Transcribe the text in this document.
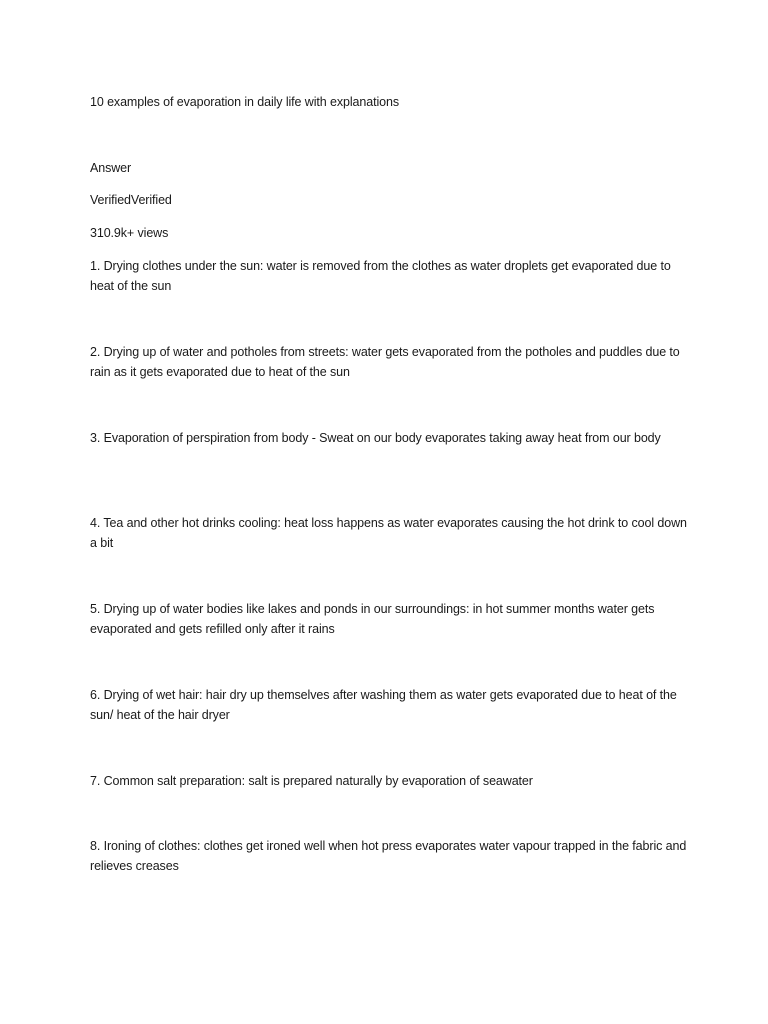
10 examples of evaporation in daily life with explanations
Answer
VerifiedVerified
310.9k+ views
1. Drying clothes under the sun: water is removed from the clothes as water droplets get evaporated due to heat of the sun
2. Drying up of water and potholes from streets: water gets evaporated from the potholes and puddles due to rain as it gets evaporated due to heat of the sun
3. Evaporation of perspiration from body - Sweat on our body evaporates taking away heat from our body
4. Tea and other hot drinks cooling: heat loss happens as water evaporates causing the hot drink to cool down a bit
5. Drying up of water bodies like lakes and ponds in our surroundings: in hot summer months water gets evaporated and gets refilled only after it rains
6. Drying of wet hair: hair dry up themselves after washing them as water gets evaporated due to heat of the sun/ heat of the hair dryer
7. Common salt preparation: salt is prepared naturally by evaporation of seawater
8. Ironing of clothes: clothes get ironed well when hot press evaporates water vapour trapped in the fabric and relieves creases
